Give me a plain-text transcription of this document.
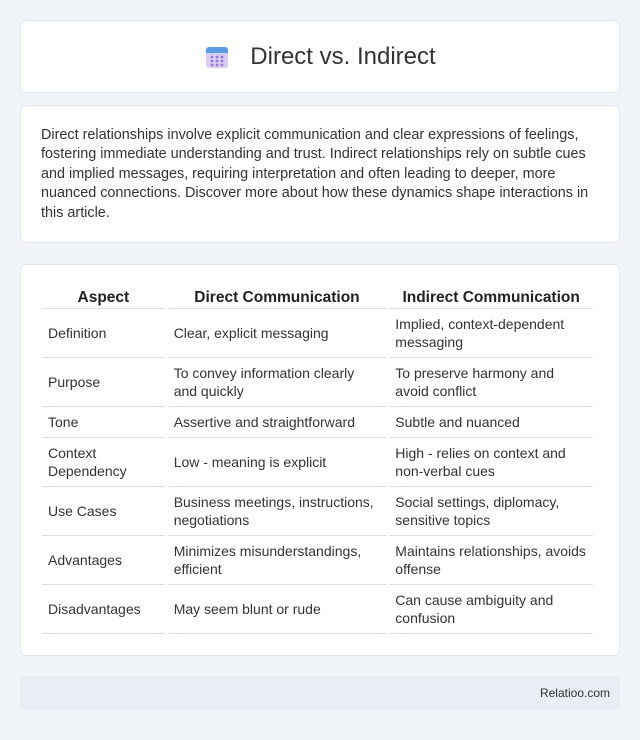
Direct vs. Indirect

Direct relationships involve explicit communication and clear expressions of feelings, fostering immediate understanding and trust. Indirect relationships rely on subtle cues and implied messages, requiring interpretation and often leading to deeper, more nuanced connections. Discover more about how these dynamics shape interactions in this article.

Aspect	Direct Communication	Indirect Communication
Definition	Clear, explicit messaging	Implied, context-dependent messaging
Purpose	To convey information clearly and quickly	To preserve harmony and avoid conflict
Tone	Assertive and straightforward	Subtle and nuanced
Context Dependency	Low - meaning is explicit	High - relies on context and non-verbal cues
Use Cases	Business meetings, instructions, negotiations	Social settings, diplomacy, sensitive topics
Advantages	Minimizes misunderstandings, efficient	Maintains relationships, avoids offense
Disadvantages	May seem blunt or rude	Can cause ambiguity and confusion
Relatioo.com
